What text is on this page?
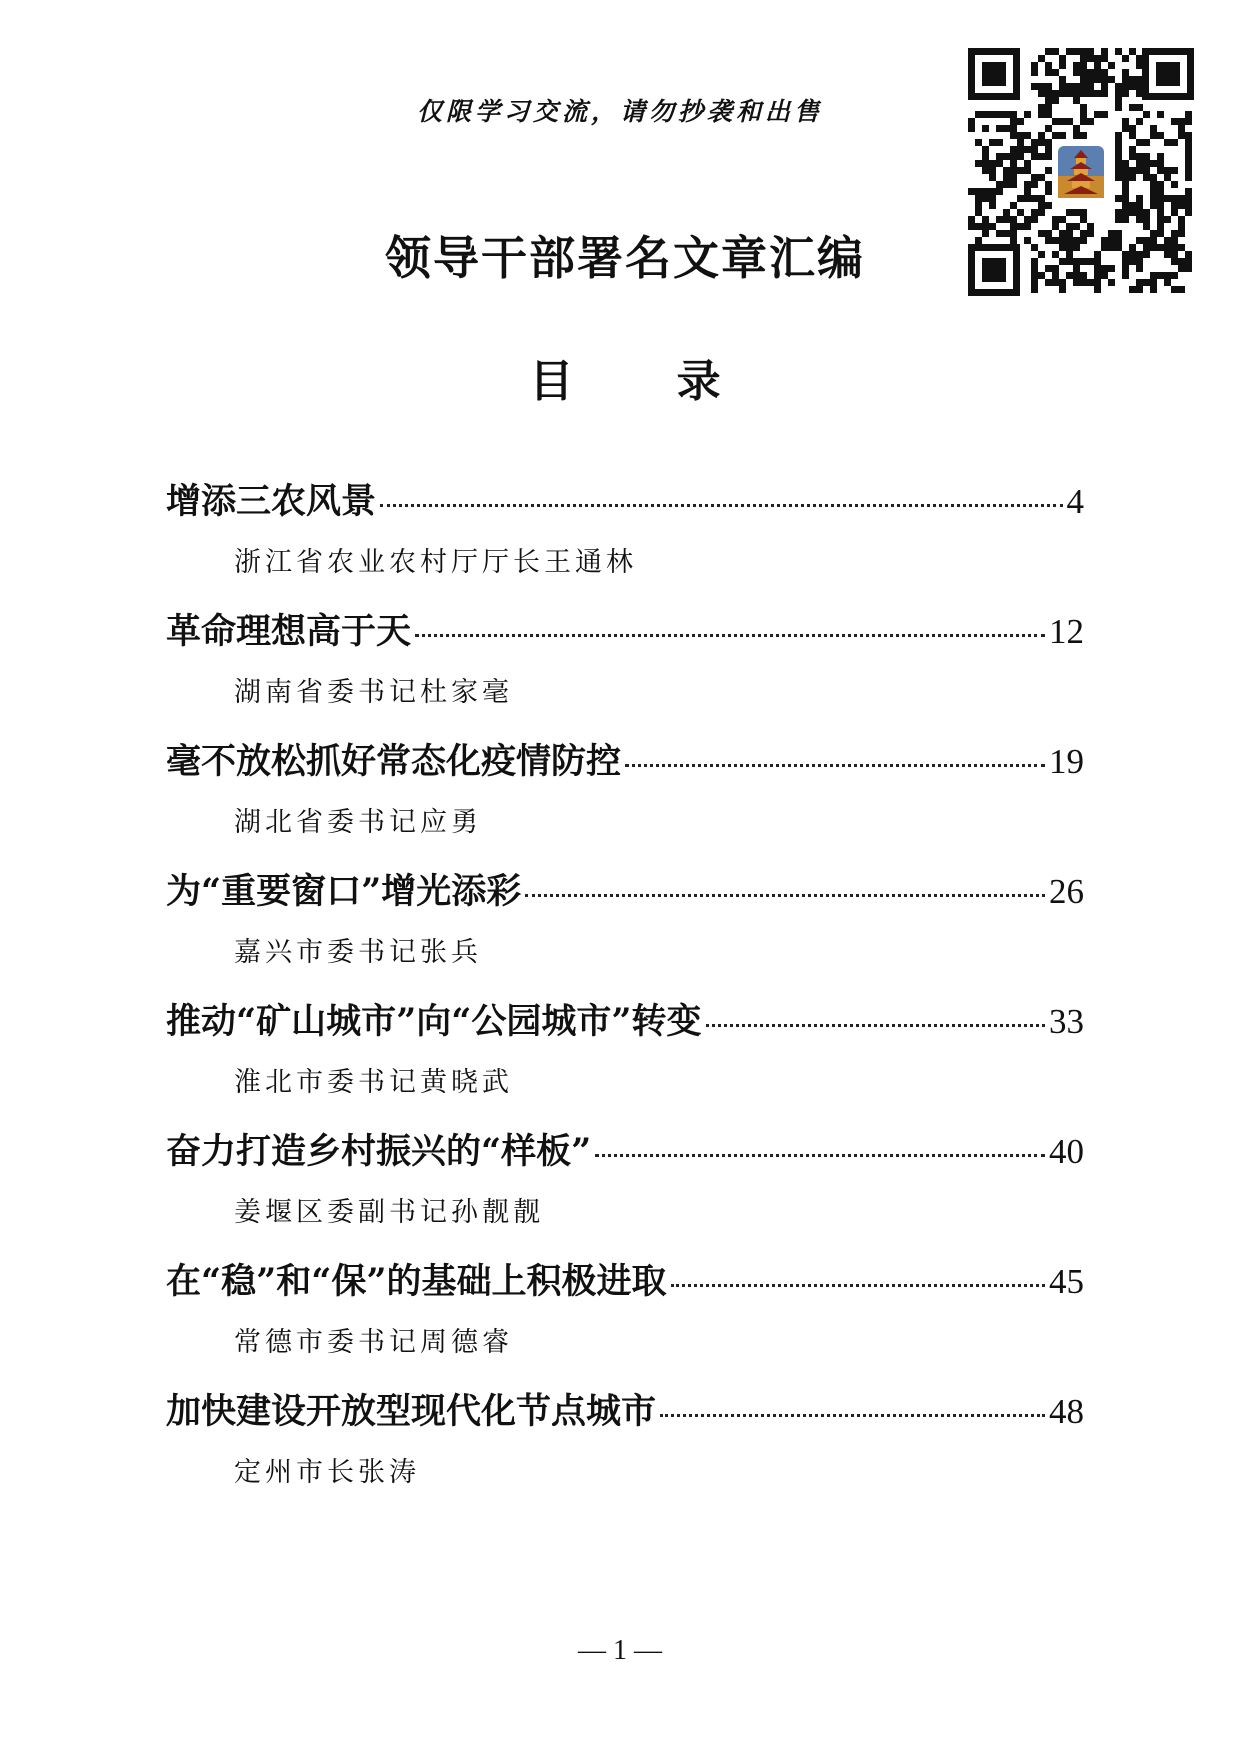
仅限学习交流，请勿抄袭和出售
领导干部署名文章汇编
目 录
增添三农风景	4
浙江省农业农村厅厅长王通林
革命理想高于天	12
湖南省委书记杜家毫
毫不放松抓好常态化疫情防控	19
湖北省委书记应勇
为“重要窗口”增光添彩	26
嘉兴市委书记张兵
推动“矿山城市”向“公园城市”转变	33
淮北市委书记黄晓武
奋力打造乡村振兴的“样板”	40
姜堰区委副书记孙靓靓
在“稳”和“保”的基础上积极进取	45
常德市委书记周德睿
加快建设开放型现代化节点城市	48
定州市长张涛
— 1 —
